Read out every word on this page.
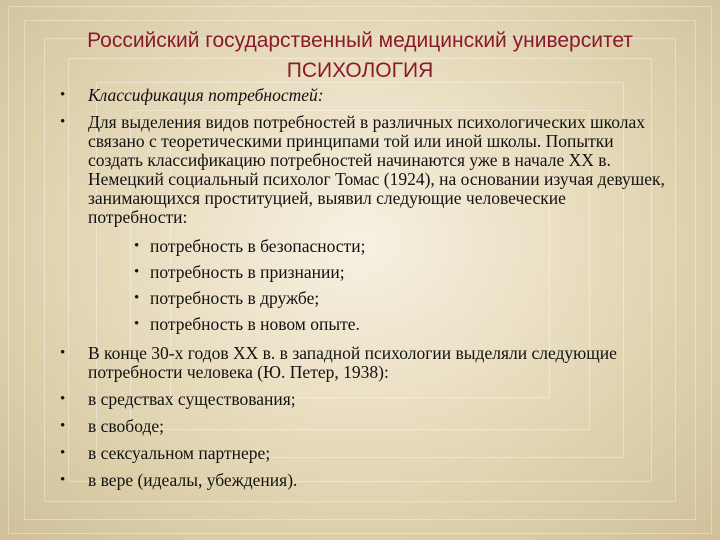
Российский государственный медицинский университет
ПСИХОЛОГИЯ
• Классификация потребностей:
• Для выделения видов потребностей в различных психологических школах связано с теоретическими принципами той или иной школы. Попытки создать классификацию потребностей начинаются уже в начале XX в. Немецкий социальный психолог Томас (1924), на основании изучая девушек, занимающихся проституцией, выявил следующие человеческие потребности:
• потребность в безопасности;
• потребность в признании;
• потребность в дружбе;
• потребность в новом опыте.
• В конце 30-х годов XX в. в западной психологии выделяли следующие потребности человека (Ю. Петер, 1938):
• в средствах существования;
• в свободе;
• в сексуальном партнере;
• в вере (идеалы, убеждения).
